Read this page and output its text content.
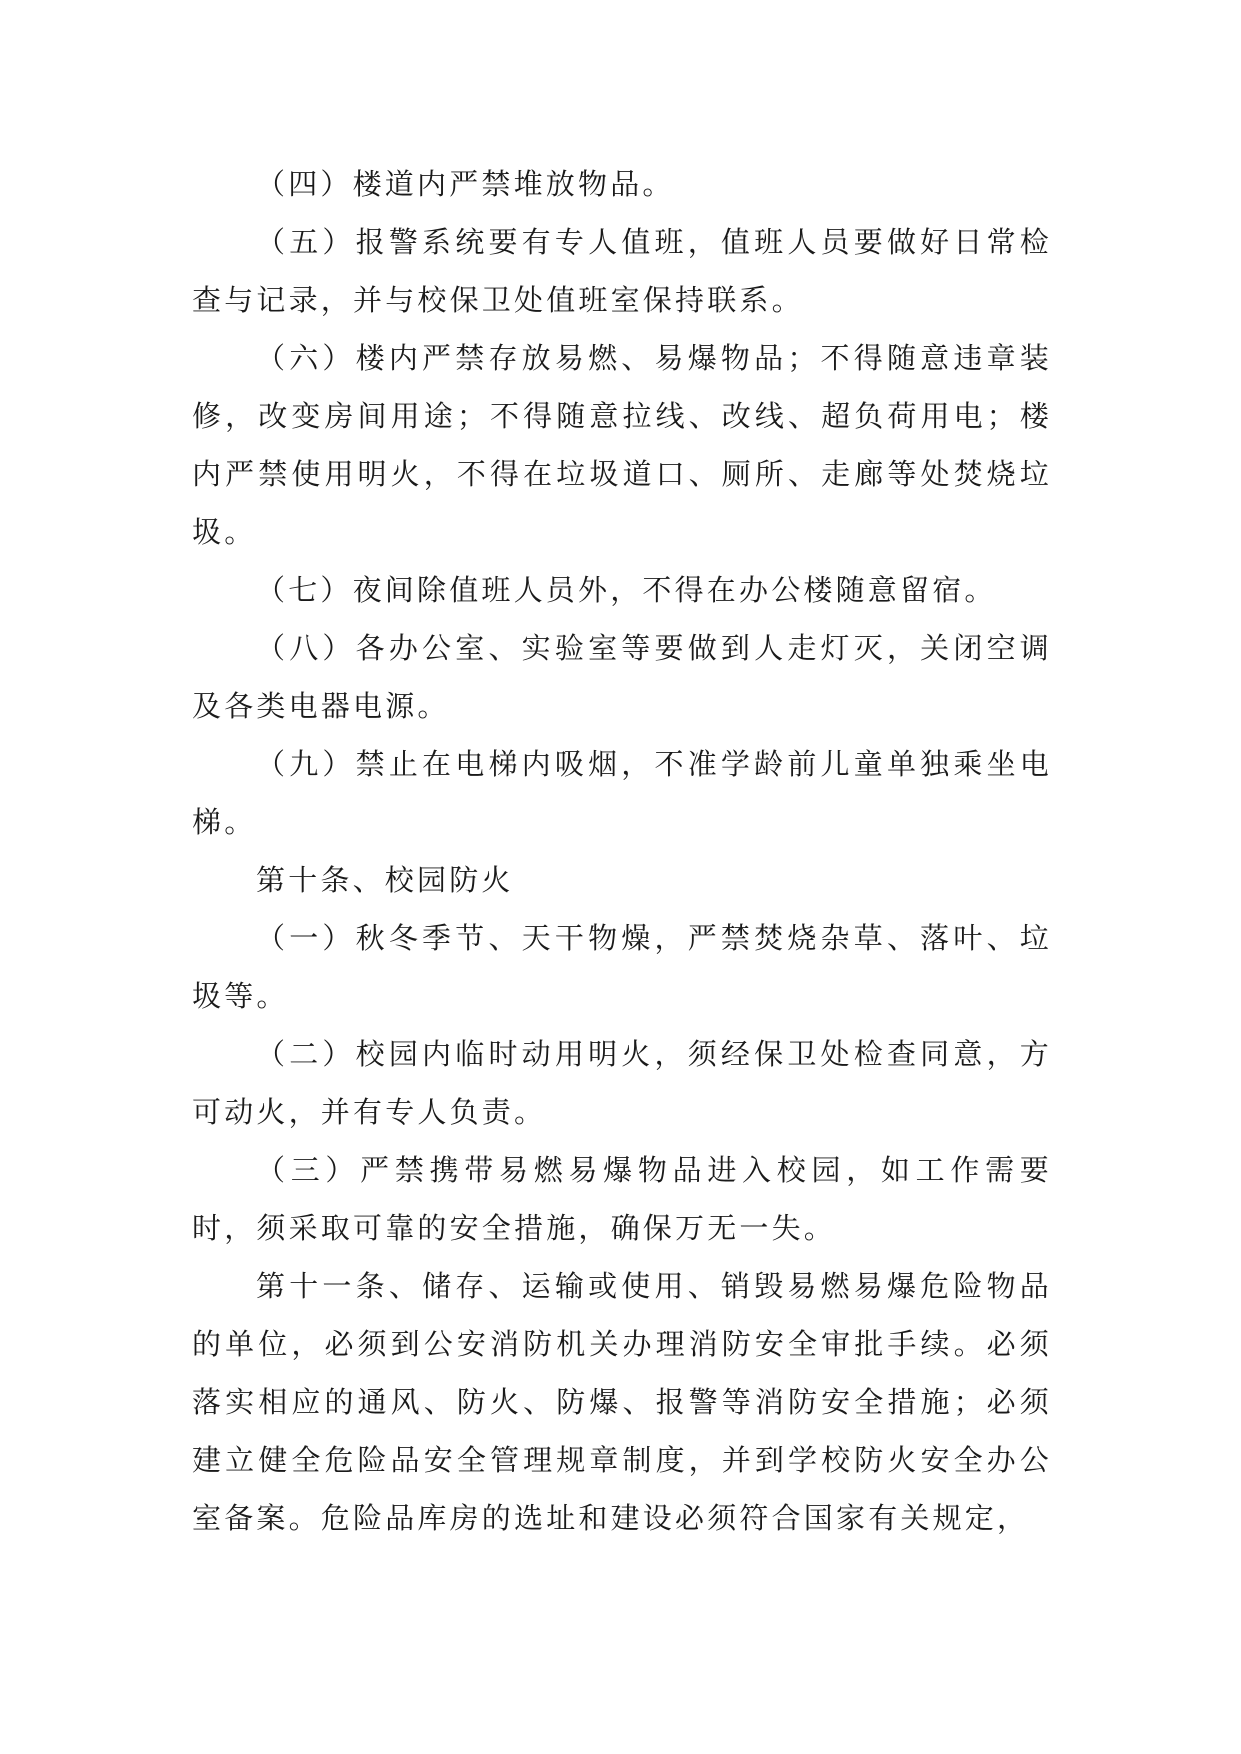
（四）楼道内严禁堆放物品。

（五）报警系统要有专人值班，值班人员要做好日常检查与记录，并与校保卫处值班室保持联系。

（六）楼内严禁存放易燃、易爆物品；不得随意违章装修，改变房间用途；不得随意拉线、改线、超负荷用电；楼内严禁使用明火，不得在垃圾道口、厕所、走廊等处焚烧垃圾。

（七）夜间除值班人员外，不得在办公楼随意留宿。

（八）各办公室、实验室等要做到人走灯灭，关闭空调及各类电器电源。

（九）禁止在电梯内吸烟，不准学龄前儿童单独乘坐电梯。

第十条、校园防火

（一）秋冬季节、天干物燥，严禁焚烧杂草、落叶、垃圾等。

（二）校园内临时动用明火，须经保卫处检查同意，方可动火，并有专人负责。

（三）严禁携带易燃易爆物品进入校园，如工作需要时，须采取可靠的安全措施，确保万无一失。

第十一条、储存、运输或使用、销毁易燃易爆危险物品的单位，必须到公安消防机关办理消防安全审批手续。必须落实相应的通风、防火、防爆、报警等消防安全措施；必须建立健全危险品安全管理规章制度，并到学校防火安全办公室备案。危险品库房的选址和建设必须符合国家有关规定，
